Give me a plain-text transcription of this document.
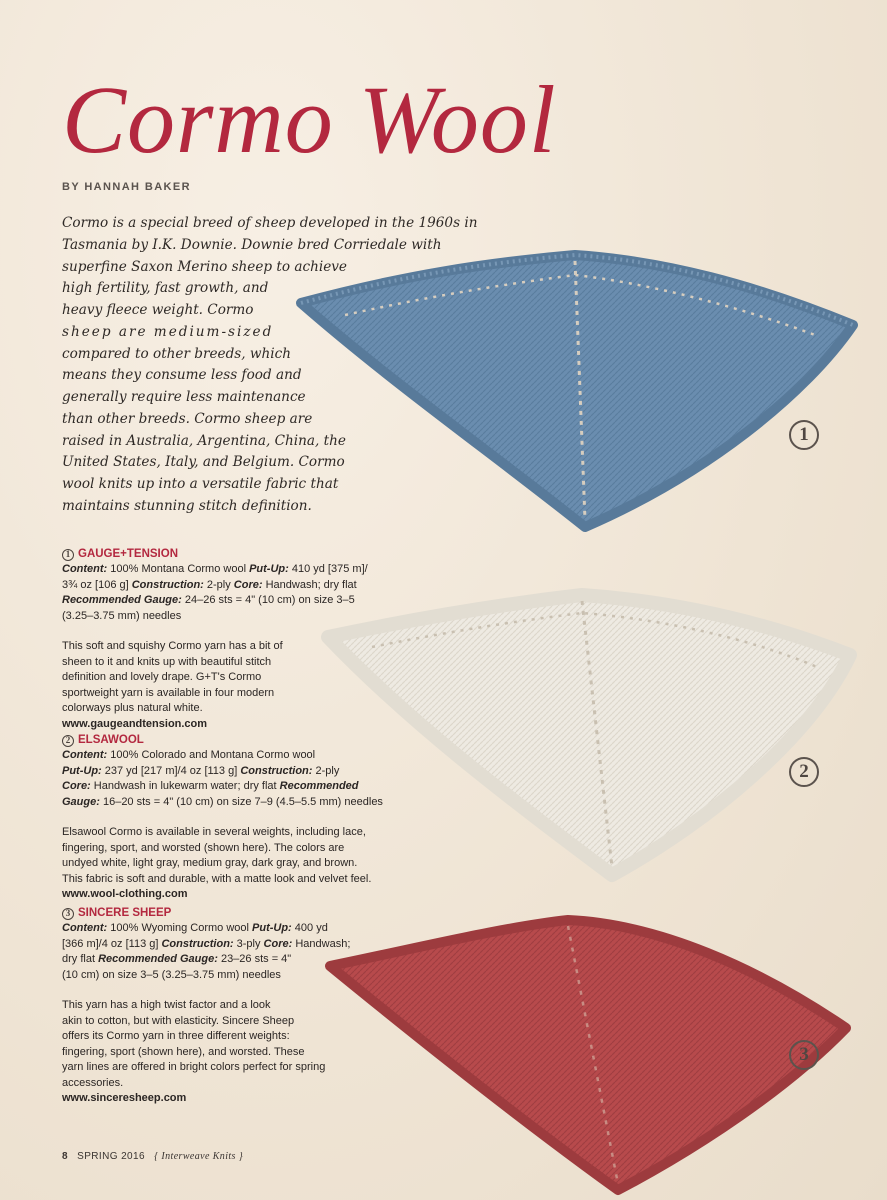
1
2
3
Cormo Wool
BY HANNAH BAKER

Cormo is a special breed of sheep developed in the 1960s in
Tasmania by I.K. Downie. Downie bred Corriedale with
superfine Saxon Merino sheep to achieve
high fertility, fast growth, and
heavy fleece weight. Cormo
sheep are medium-sized
compared to other breeds, which
means they consume less food and
generally require less maintenance
than other breeds. Cormo sheep are
raised in Australia, Argentina, China, the
United States, Italy, and Belgium. Cormo
wool knits up into a versatile fabric that
maintains stunning stitch definition.

1 GAUGE+TENSION
Content: 100% Montana Cormo wool Put-Up: 410 yd [375 m]/
3¾ oz [106 g] Construction: 2-ply Core: Handwash; dry flat
Recommended Gauge: 24–26 sts = 4" (10 cm) on size 3–5
(3.25–3.75 mm) needles
This soft and squishy Cormo yarn has a bit of
sheen to it and knits up with beautiful stitch
definition and lovely drape. G+T's Cormo
sportweight yarn is available in four modern
colorways plus natural white.
www.gaugeandtension.com
2 ELSAWOOL
Content: 100% Colorado and Montana Cormo wool
Put-Up: 237 yd [217 m]/4 oz [113 g] Construction: 2-ply
Core: Handwash in lukewarm water; dry flat Recommended
Gauge: 16–20 sts = 4" (10 cm) on size 7–9 (4.5–5.5 mm) needles
Elsawool Cormo is available in several weights, including lace,
fingering, sport, and worsted (shown here). The colors are
undyed white, light gray, medium gray, dark gray, and brown.
This fabric is soft and durable, with a matte look and velvet feel.
www.wool-clothing.com
3 SINCERE SHEEP
Content: 100% Wyoming Cormo wool Put-Up: 400 yd
[366 m]/4 oz [113 g] Construction: 3-ply Core: Handwash;
dry flat Recommended Gauge: 23–26 sts = 4"
(10 cm) on size 3–5 (3.25–3.75 mm) needles
This yarn has a high twist factor and a look
akin to cotton, but with elasticity. Sincere Sheep
offers its Cormo yarn in three different weights:
fingering, sport (shown here), and worsted. These
yarn lines are offered in bright colors perfect for spring
accessories.
www.sinceresheep.com
8 SPRING 2016 { Interweave Knits }
